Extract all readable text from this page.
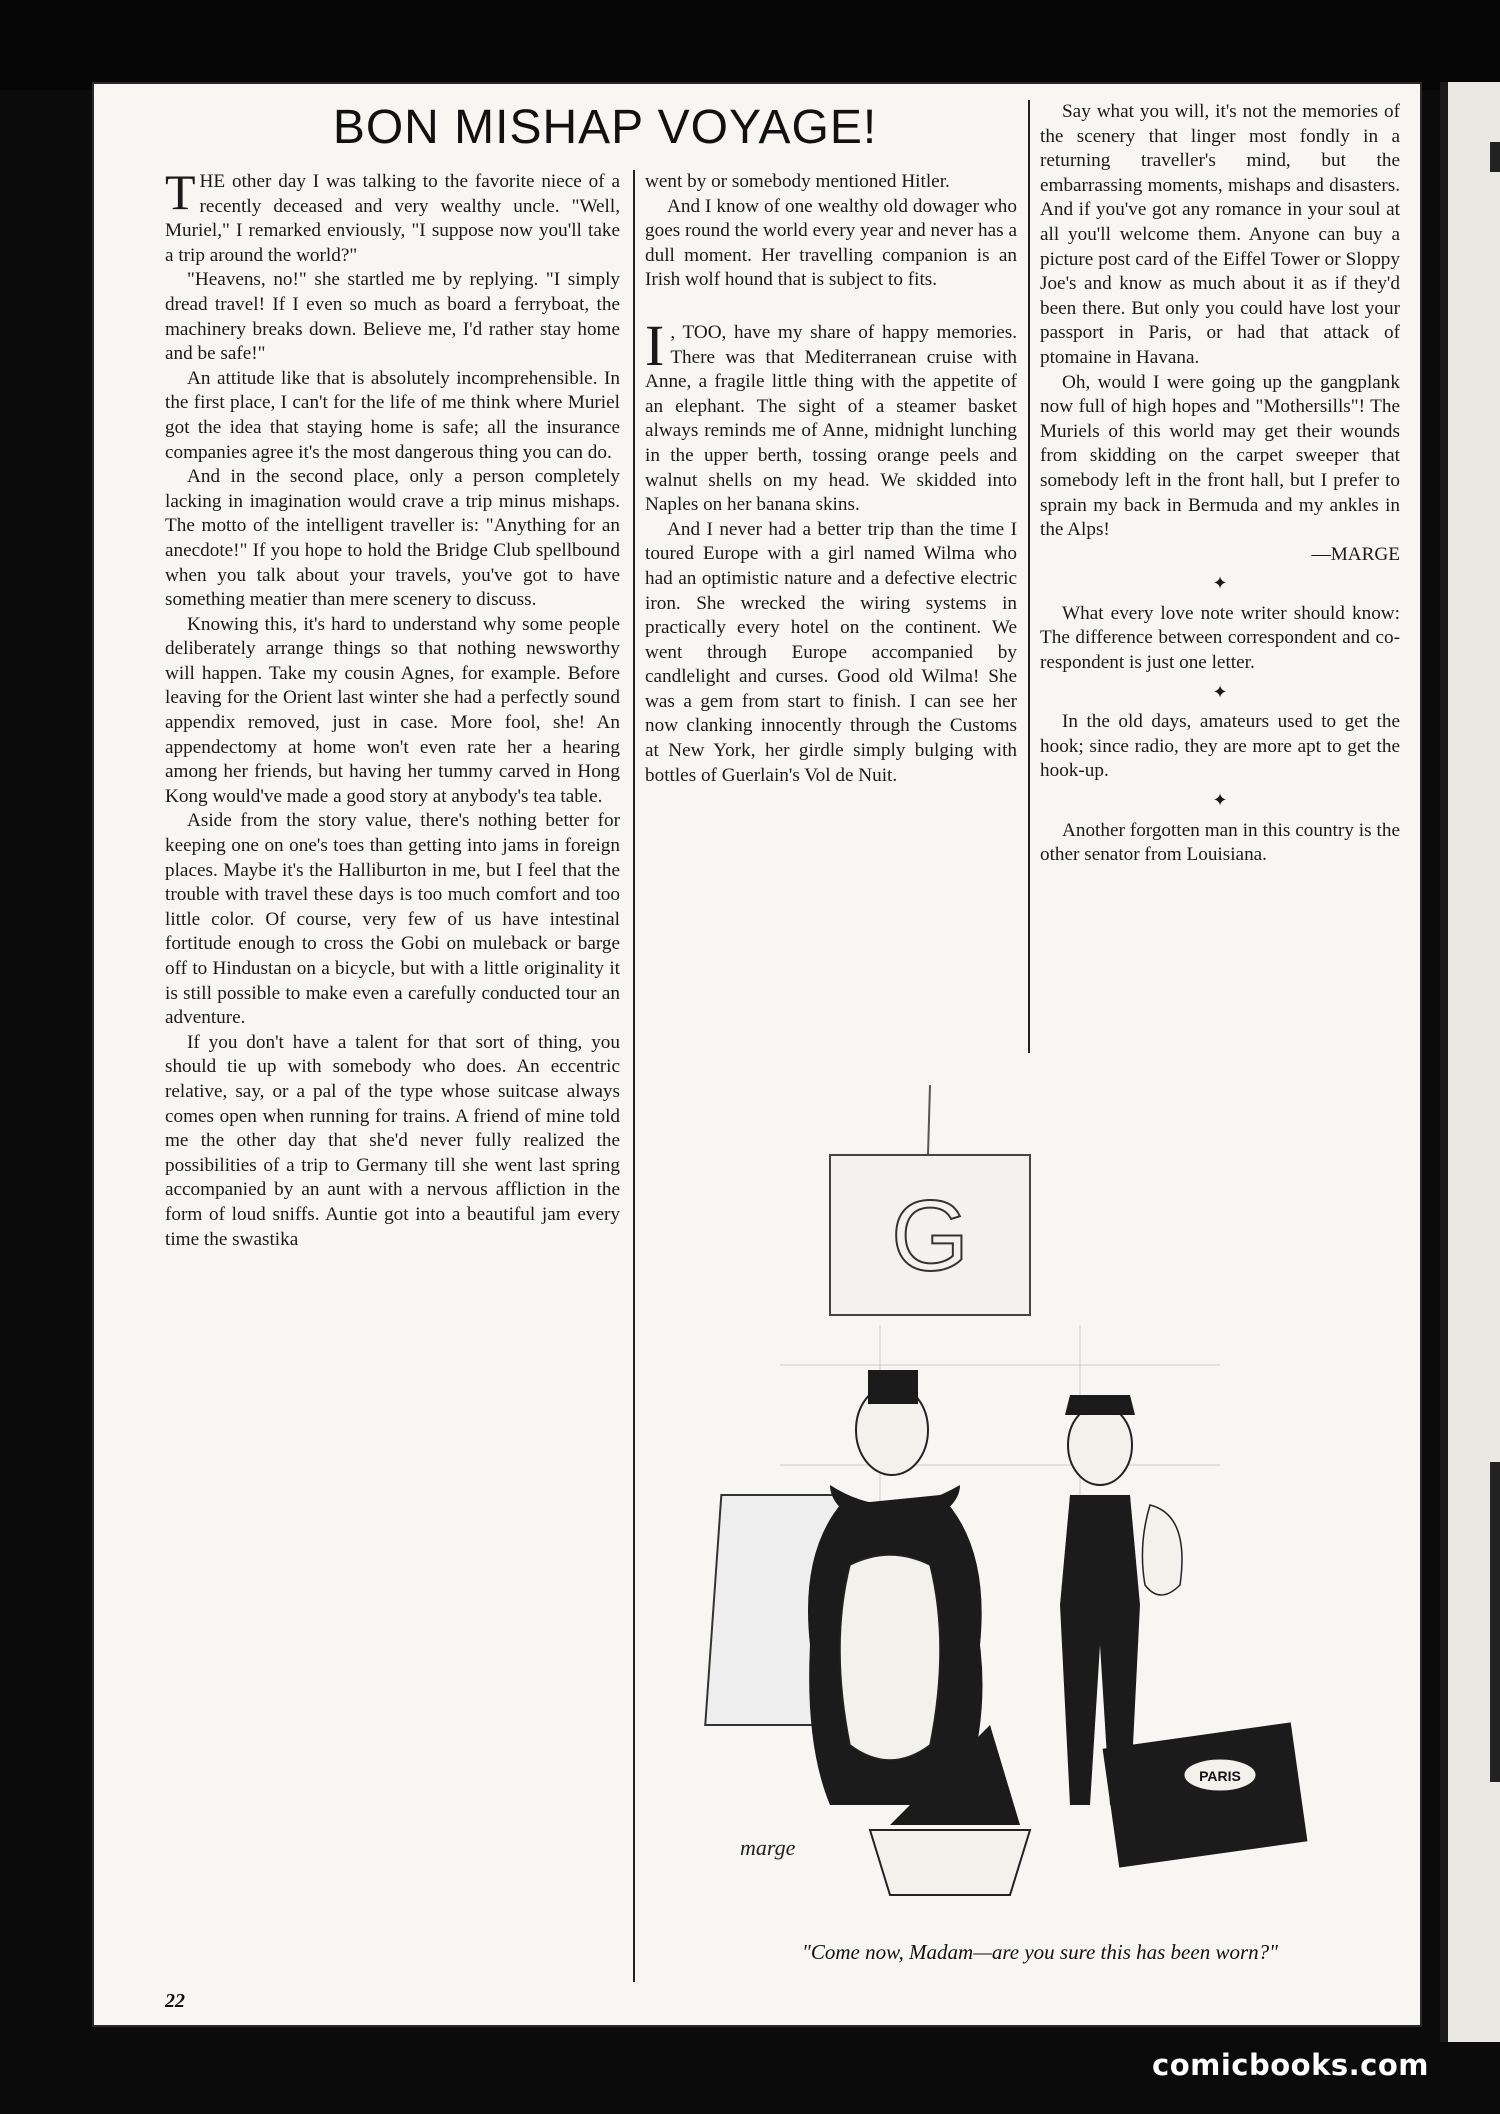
BON MISHAP VOYAGE!

THE other day I was talking to the favorite niece of a recently deceased and very wealthy uncle. "Well, Muriel," I remarked enviously, "I suppose now you'll take a trip around the world?"

"Heavens, no!" she startled me by replying. "I simply dread travel! If I even so much as board a ferryboat, the machinery breaks down. Believe me, I'd rather stay home and be safe!"

An attitude like that is absolutely incomprehensible. In the first place, I can't for the life of me think where Muriel got the idea that staying home is safe; all the insurance companies agree it's the most dangerous thing you can do.

And in the second place, only a person completely lacking in imagination would crave a trip minus mishaps. The motto of the intelligent traveller is: "Anything for an anecdote!" If you hope to hold the Bridge Club spellbound when you talk about your travels, you've got to have something meatier than mere scenery to discuss.

Knowing this, it's hard to understand why some people deliberately arrange things so that nothing newsworthy will happen. Take my cousin Agnes, for example. Before leaving for the Orient last winter she had a perfectly sound appendix removed, just in case. More fool, she! An appendectomy at home won't even rate her a hearing among her friends, but having her tummy carved in Hong Kong would've made a good story at anybody's tea table.

Aside from the story value, there's nothing better for keeping one on one's toes than getting into jams in foreign places. Maybe it's the Halliburton in me, but I feel that the trouble with travel these days is too much comfort and too little color. Of course, very few of us have intestinal fortitude enough to cross the Gobi on muleback or barge off to Hindustan on a bicycle, but with a little originality it is still possible to make even a carefully conducted tour an adventure.

If you don't have a talent for that sort of thing, you should tie up with somebody who does. An eccentric relative, say, or a pal of the type whose suitcase always comes open when running for trains. A friend of mine told me the other day that she'd never fully realized the possibilities of a trip to Germany till she went last spring accompanied by an aunt with a nervous affliction in the form of loud sniffs. Auntie got into a beautiful jam every time the swastika

went by or somebody mentioned Hitler.

And I know of one wealthy old dowager who goes round the world every year and never has a dull moment. Her travelling companion is an Irish wolf hound that is subject to fits.

I , TOO, have my share of happy memories. There was that Mediterranean cruise with Anne, a fragile little thing with the appetite of an elephant. The sight of a steamer basket always reminds me of Anne, midnight lunching in the upper berth, tossing orange peels and walnut shells on my head. We skidded into Naples on her banana skins.

And I never had a better trip than the time I toured Europe with a girl named Wilma who had an optimistic nature and a defective electric iron. She wrecked the wiring systems in practically every hotel on the continent. We went through Europe accompanied by candlelight and curses. Good old Wilma! She was a gem from start to finish. I can see her now clanking innocently through the Customs at New York, her girdle simply bulging with bottles of Guerlain's Vol de Nuit.

Say what you will, it's not the memories of the scenery that linger most fondly in a returning traveller's mind, but the embarrassing moments, mishaps and disasters. And if you've got any romance in your soul at all you'll welcome them. Anyone can buy a picture post card of the Eiffel Tower or Sloppy Joe's and know as much about it as if they'd been there. But only you could have lost your passport in Paris, or had that attack of ptomaine in Havana.

Oh, would I were going up the gangplank now full of high hopes and "Mothersills"! The Muriels of this world may get their wounds from skidding on the carpet sweeper that somebody left in the front hall, but I prefer to sprain my back in Bermuda and my ankles in the Alps!
—MARGE

✦

What every love note writer should know: The difference between correspondent and co-respondent is just one letter.

✦

In the old days, amateurs used to get the hook; since radio, they are more apt to get the hook-up.

✦

Another forgotten man in this country is the other senator from Louisiana.

G
PARIS
marge
"Come now, Madam—are you sure this has been worn?"
22
comicbooks.com
